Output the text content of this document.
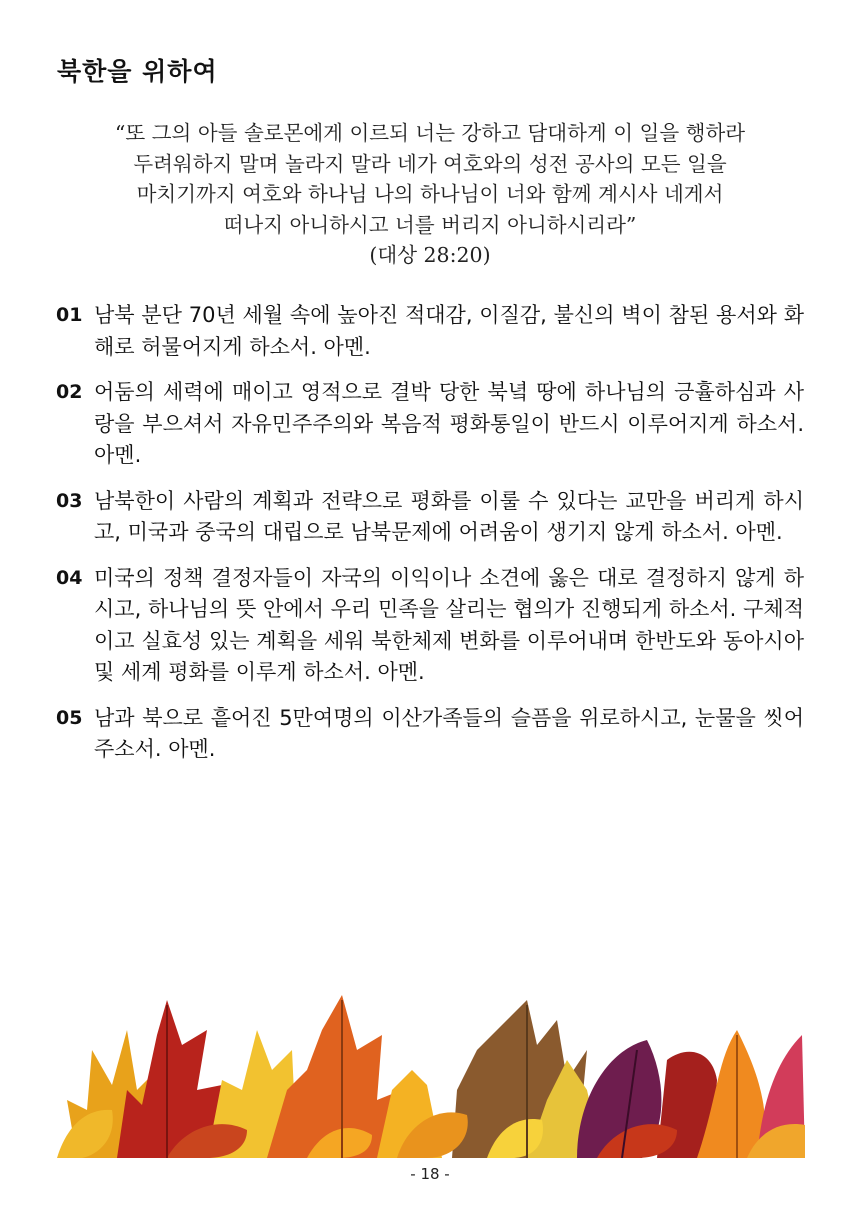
북한을 위하여
“또 그의 아들 솔로몬에게 이르되 너는 강하고 담대하게 이 일을 행하라
두려워하지 말며 놀라지 말라 네가 여호와의 성전 공사의 모든 일을
마치기까지 여호와 하나님 나의 하나님이 너와 함께 계시사 네게서
떠나지 아니하시고 너를 버리지 아니하시리라”
(대상 28:20)
01 남북 분단 70년 세월 속에 높아진 적대감, 이질감, 불신의 벽이 참된 용서와 화해로 허물어지게 하소서. 아멘.
02 어둠의 세력에 매이고 영적으로 결박 당한 북녘 땅에 하나님의 긍휼하심과 사랑을 부으셔서 자유민주주의와 복음적 평화통일이 반드시 이루어지게 하소서. 아멘.
03 남북한이 사람의 계획과 전략으로 평화를 이룰 수 있다는 교만을 버리게 하시고, 미국과 중국의 대립으로 남북문제에 어려움이 생기지 않게 하소서. 아멘.
04 미국의 정책 결정자들이 자국의 이익이나 소견에 옳은 대로 결정하지 않게 하시고, 하나님의 뜻 안에서 우리 민족을 살리는 협의가 진행되게 하소서. 구체적이고 실효성 있는 계획을 세워 북한체제 변화를 이루어내며 한반도와 동아시아 및 세계 평화를 이루게 하소서. 아멘.
05 남과 북으로 흩어진 5만여명의 이산가족들의 슬픔을 위로하시고, 눈물을 씻어 주소서. 아멘.
- 18 -
